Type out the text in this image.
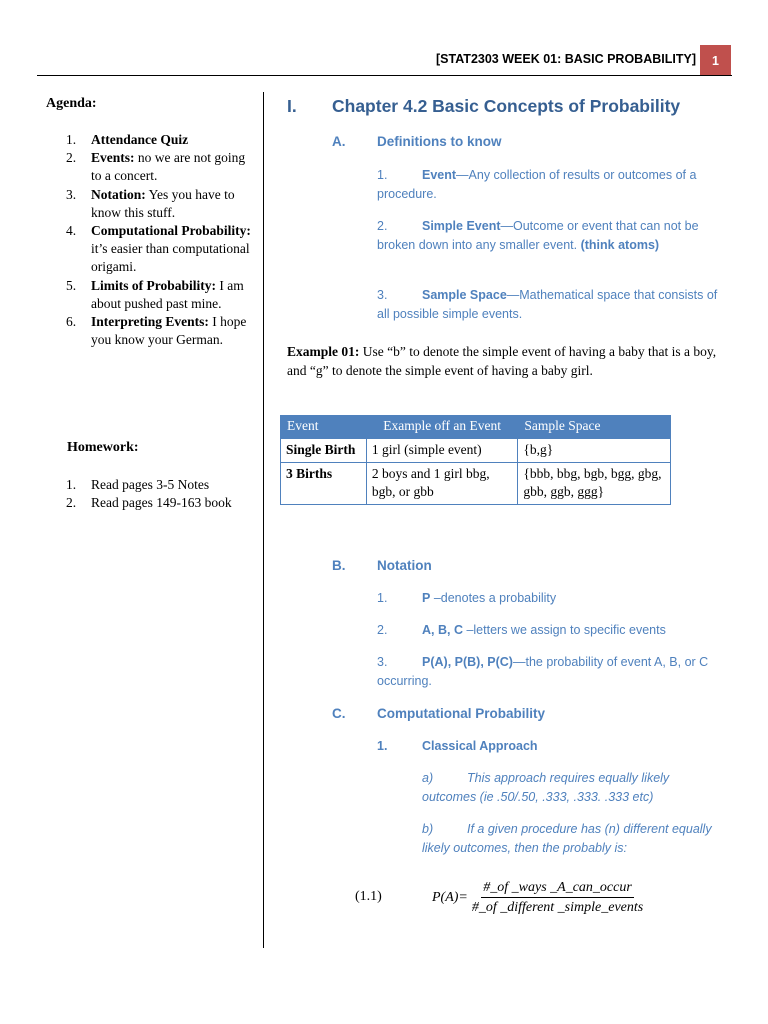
[STAT2303 WEEK 01: BASIC PROBABILITY]	1
Agenda:
1. Attendance Quiz
2. Events: no we are not going to a concert.
3. Notation: Yes you have to know this stuff.
4. Computational Probability: it’s easier than computational origami.
5. Limits of Probability: I am about pushed past mine.
6. Interpreting Events: I hope you know your German.
Homework:
1. Read pages 3-5 Notes
2. Read pages 149-163 book
I. Chapter 4.2 Basic Concepts of Probability
A. Definitions to know
1.	Event—Any collection of results or outcomes of a procedure.
2.	Simple Event—Outcome or event that can not be broken down into any smaller event. (think atoms)
3.	Sample Space—Mathematical space that consists of all possible simple events.
Example 01: Use “b” to denote the simple event of having a baby that is a boy, and “g” to denote the simple event of having a baby girl.
Event	Example off an Event	Sample Space
Single Birth	1 girl (simple event)	{b,g}
3 Births	2 boys and 1 girl bbg, bgb, or gbb	{bbb, bbg, bgb, bgg, gbg, gbb, ggb, ggg}
B. Notation
1.	P –denotes a probability
2.	A, B, C –letters we assign to specific events
3.	P(A), P(B), P(C)—the probability of event A, B, or C occurring.
C. Computational Probability
1.	Classical Approach
a)	This approach requires equally likely outcomes (ie .50/.50, .333, .333. .333 etc)
b)	If a given procedure has (n) different equally likely outcomes, then the probably is:
(1.1)	$P(A)= \frac{\text{\#\_of \_ways \_A\_can\_occur}}{\text{\#\_of \_different \_simple\_events}}$
